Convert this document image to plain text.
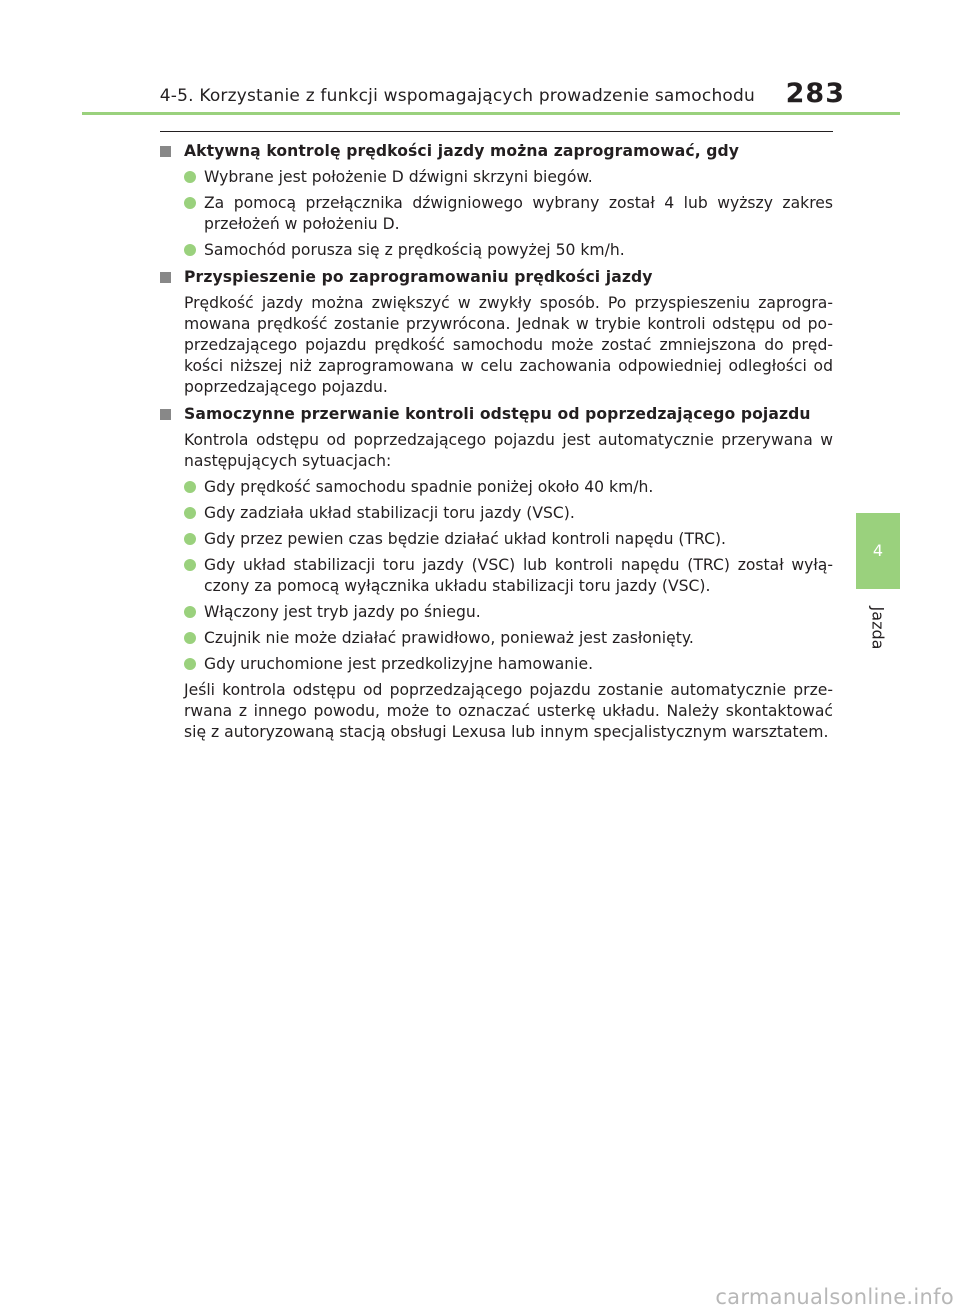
4-5. Korzystanie z funkcji wspomagających prowadzenie samochodu 283
4
Jazda
Aktywną kontrolę prędkości jazdy można zaprogramować, gdy
Wybrane jest położenie D dźwigni skrzyni biegów.
Za pomocą przełącznika dźwigniowego wybrany został 4 lub wyższy zakres przełożeń w położeniu D.
Samochód porusza się z prędkością powyżej 50 km/h.
Przyspieszenie po zaprogramowaniu prędkości jazdy
Prędkość jazdy można zwiększyć w zwykły sposób. Po przyspieszeniu zaprogra-mowana prędkość zostanie przywrócona. Jednak w trybie kontroli odstępu od po-przedzającego pojazdu prędkość samochodu może zostać zmniejszona do pręd-kości niższej niż zaprogramowana w celu zachowania odpowiedniej odległości od poprzedzającego pojazdu.
Samoczynne przerwanie kontroli odstępu od poprzedzającego pojazdu
Kontrola odstępu od poprzedzającego pojazdu jest automatycznie przerywana w następujących sytuacjach:
Gdy prędkość samochodu spadnie poniżej około 40 km/h.
Gdy zadziała układ stabilizacji toru jazdy (VSC).
Gdy przez pewien czas będzie działać układ kontroli napędu (TRC).
Gdy układ stabilizacji toru jazdy (VSC) lub kontroli napędu (TRC) został wyłą-czony za pomocą wyłącznika układu stabilizacji toru jazdy (VSC).
Włączony jest tryb jazdy po śniegu.
Czujnik nie może działać prawidłowo, ponieważ jest zasłonięty.
Gdy uruchomione jest przedkolizyjne hamowanie.
Jeśli kontrola odstępu od poprzedzającego pojazdu zostanie automatycznie prze-rwana z innego powodu, może to oznaczać usterkę układu. Należy skontaktować się z autoryzowaną stacją obsługi Lexusa lub innym specjalistycznym warsztatem.
carmanualsonline.info
